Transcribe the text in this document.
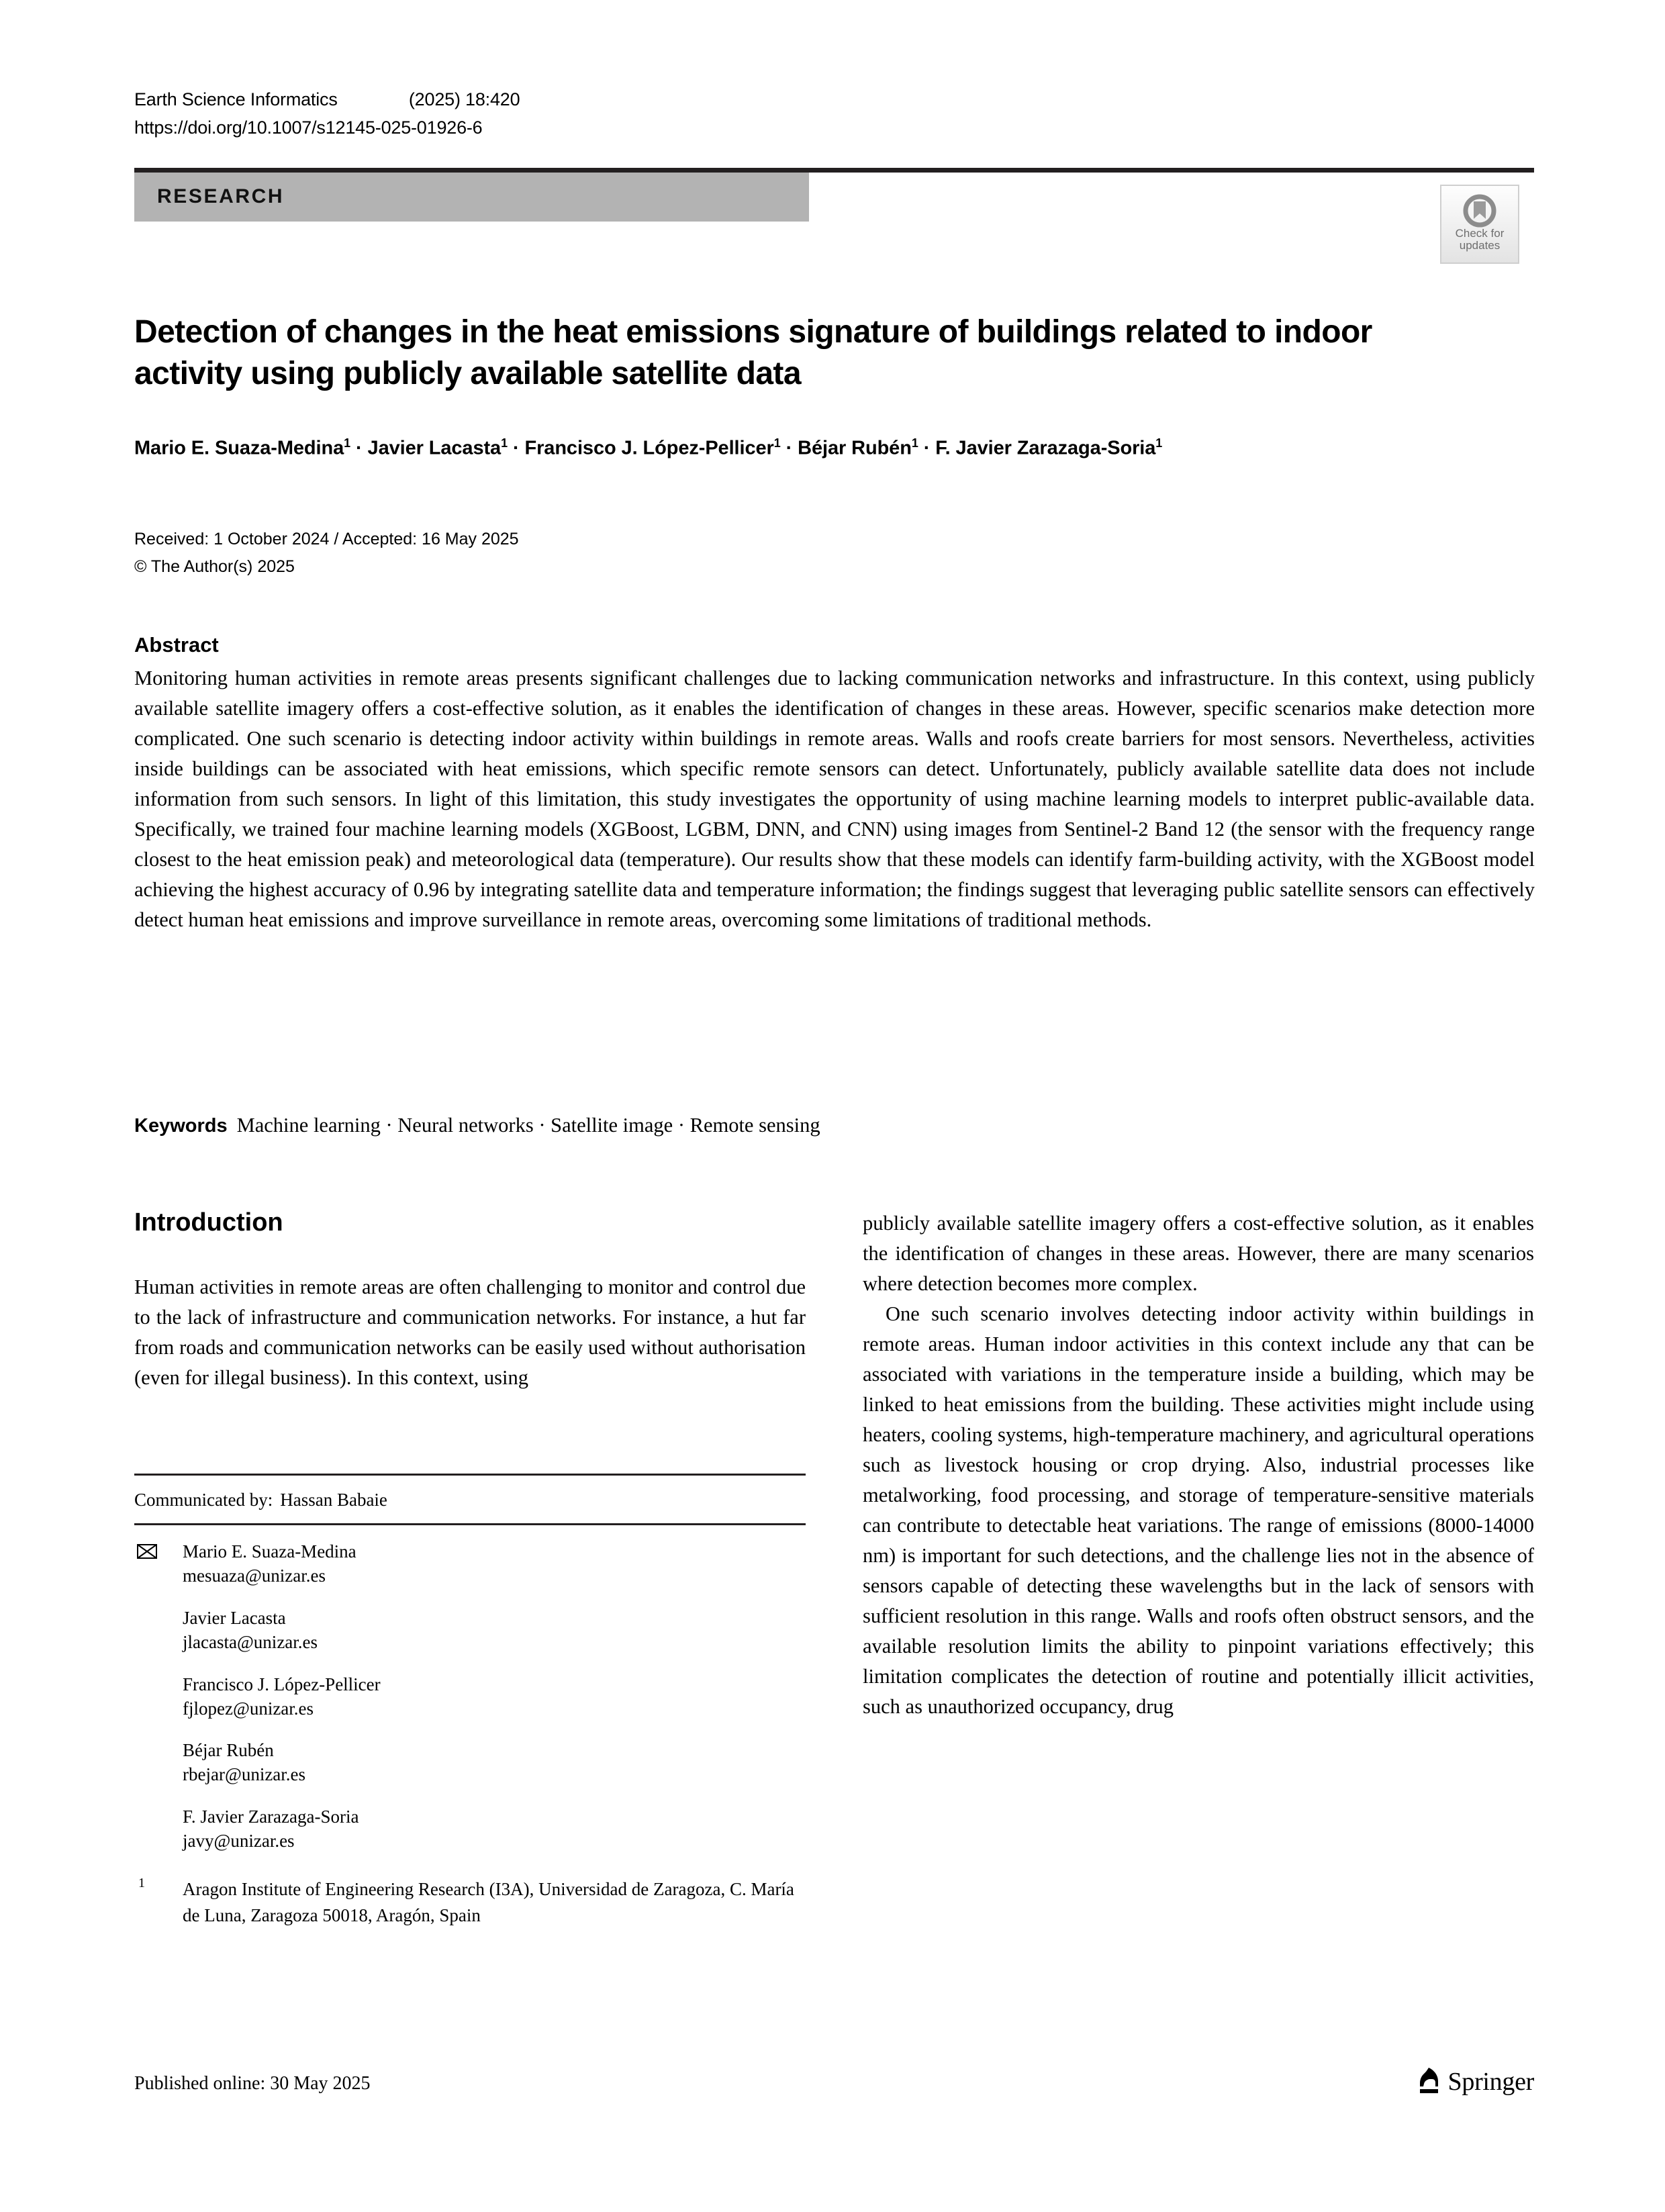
Earth Science Informatics			(2025) 18:420
https://doi.org/10.1007/s12145-025-01926-6
RESEARCH
Check for
updates
Detection of changes in the heat emissions signature of buildings related to indoor activity using publicly available satellite data
Mario E. Suaza-Medina$^1$ · Javier Lacasta$^1$ · Francisco J. López-Pellicer$^1$ · Béjar Rubén$^1$ · F. Javier Zarazaga-Soria$^1$
Received: 1 October 2024 / Accepted: 16 May 2025
© The Author(s) 2025
Abstract
Monitoring human activities in remote areas presents significant challenges due to lacking communication networks and infrastructure. In this context, using publicly available satellite imagery offers a cost-effective solution, as it enables the identification of changes in these areas. However, specific scenarios make detection more complicated. One such scenario is detecting indoor activity within buildings in remote areas. Walls and roofs create barriers for most sensors. Nevertheless, activities inside buildings can be associated with heat emissions, which specific remote sensors can detect. Unfortunately, publicly available satellite data does not include information from such sensors. In light of this limitation, this study investigates the opportunity of using machine learning models to interpret public-available data. Specifically, we trained four machine learning models (XGBoost, LGBM, DNN, and CNN) using images from Sentinel-2 Band 12 (the sensor with the frequency range closest to the heat emission peak) and meteorological data (temperature). Our results show that these models can identify farm-building activity, with the XGBoost model achieving the highest accuracy of 0.96 by integrating satellite data and temperature information; the findings suggest that leveraging public satellite sensors can effectively detect human heat emissions and improve surveillance in remote areas, overcoming some limitations of traditional methods.
Keywords Machine learning · Neural networks · Satellite image · Remote sensing
Introduction

Human activities in remote areas are often challenging to monitor and control due to the lack of infrastructure and communication networks. For instance, a hut far from roads and communication networks can be easily used without authorisation (even for illegal business). In this context, using

publicly available satellite imagery offers a cost-effective solution, as it enables the identification of changes in these areas. However, there are many scenarios where detection becomes more complex.

One such scenario involves detecting indoor activity within buildings in remote areas. Human indoor activities in this context include any that can be associated with variations in the temperature inside a building, which may be linked to heat emissions from the building. These activities might include using heaters, cooling systems, high-temperature machinery, and agricultural operations such as livestock housing or crop drying. Also, industrial processes like metalworking, food processing, and storage of temperature-sensitive materials can contribute to detectable heat variations. The range of emissions (8000-14000 nm) is important for such detections, and the challenge lies not in the absence of sensors capable of detecting these wavelengths but in the lack of sensors with sufficient resolution in this range. Walls and roofs often obstruct sensors, and the available resolution limits the ability to pinpoint variations effectively; this limitation complicates the detection of routine and potentially illicit activities, such as unauthorized occupancy, drug

Communicated by: Hassan Babaie
Mario E. Suaza-Medina
mesuaza@unizar.es
Javier Lacasta
jlacasta@unizar.es
Francisco J. López-Pellicer
fjlopez@unizar.es
Béjar Rubén
rbejar@unizar.es
F. Javier Zarazaga-Soria
javy@unizar.es
1 Aragon Institute of Engineering Research (I3A), Universidad de Zaragoza, C. María de Luna, Zaragoza 50018, Aragón, Spain
Published online: 30 May 2025	Springer
